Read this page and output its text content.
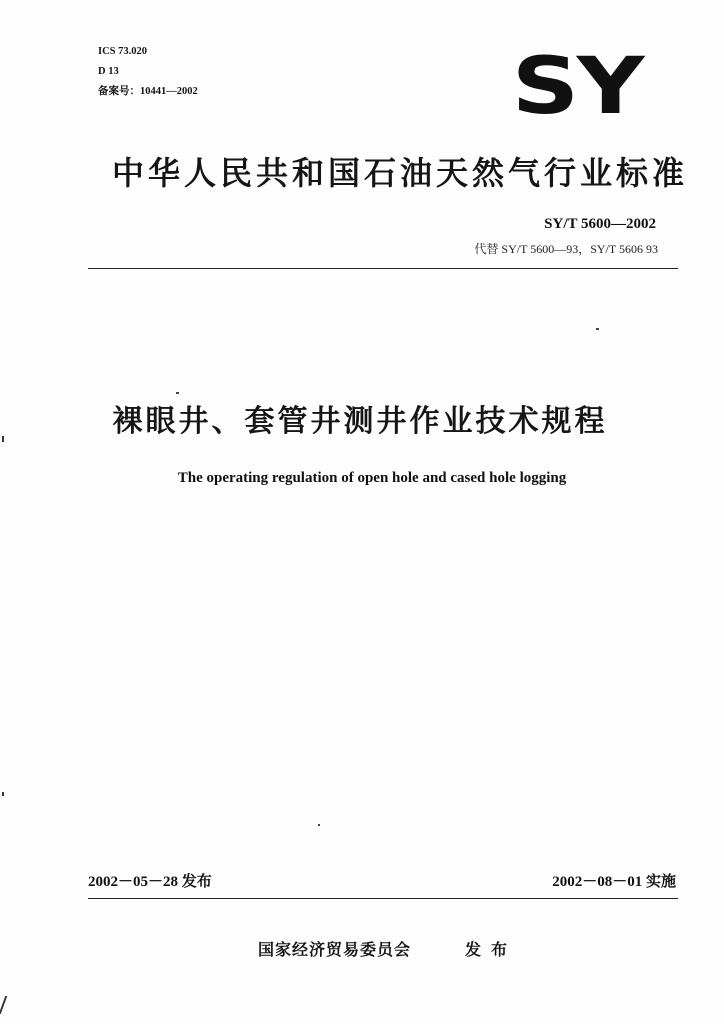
ICS 73.020
D 13
备案号：10441—2002	SY
中华人民共和国石油天然气行业标准
SY/T 5600—2002
代替 SY/T 5600—93，SY/T 5606 93
裸眼井、套管井测井作业技术规程
The operating regulation of open hole and cased hole logging
2002－05－28 发布	2002－08－01 实施
国家经济贸易委员会	发布
